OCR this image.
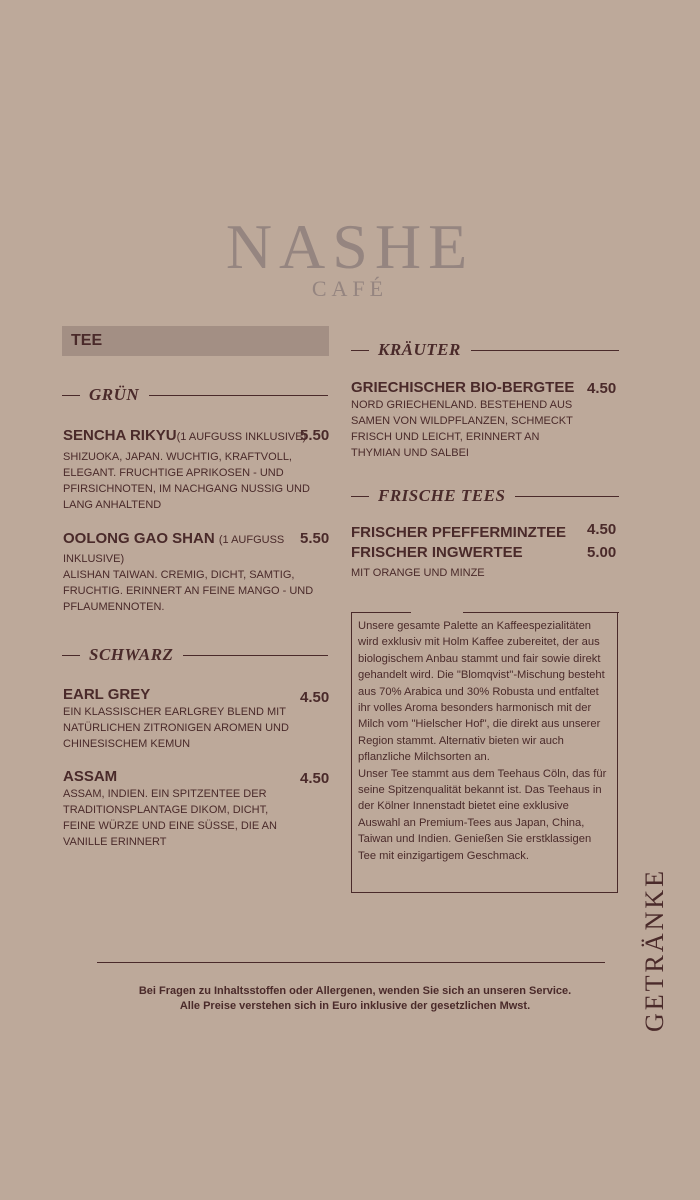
NASHE
CAFÉ
TEE
GRÜN
SENCHA RIKYU(1 AUFGUSS INKLUSIVE)
SHIZUOKA, JAPAN. WUCHTIG, KRAFTVOLL, ELEGANT. FRUCHTIGE APRIKOSEN - UND PFIRSICHNOTEN, IM NACHGANG NUSSIG UND LANG ANHALTEND
5.50
OOLONG GAO SHAN (1 AUFGUSS INKLUSIVE)
ALISHAN TAIWAN. CREMIG, DICHT, SAMTIG, FRUCHTIG. ERINNERT AN FEINE MANGO - UND PFLAUMENNOTEN.
5.50
SCHWARZ
EARL GREY
EIN KLASSISCHER EARLGREY BLEND MIT NATÜRLICHEN ZITRONIGEN AROMEN UND CHINESISCHEM KEMUN
4.50
ASSAM
ASSAM, INDIEN. EIN SPITZENTEE DER TRADITIONSPLANTAGE DIKOM, DICHT, FEINE WÜRZE UND EINE SÜSSE, DIE AN VANILLE ERINNERT
4.50
KRÄUTER
GRIECHISCHER BIO-BERGTEE
NORD GRIECHENLAND. BESTEHEND AUS SAMEN VON WILDPFLANZEN, SCHMECKT FRISCH UND LEICHT, ERINNERT AN THYMIAN UND SALBEI
4.50
FRISCHE TEES
FRISCHER PFEFFERMINZTEE 4.50
FRISCHER INGWERTEE	5.00
MIT ORANGE UND MINZE

Unsere gesamte Palette an Kaffeespezialitäten wird exklusiv mit Holm Kaffee zubereitet, der aus biologischem Anbau stammt und fair sowie direkt gehandelt wird. Die "Blomqvist"-Mischung besteht aus 70% Arabica und 30% Robusta und entfaltet ihr volles Aroma besonders harmonisch mit der Milch vom "Hielscher Hof", die direkt aus unserer Region stammt. Alternativ bieten wir auch pflanzliche Milchsorten an.

Unser Tee stammt aus dem Teehaus Cöln, das für seine Spitzenqualität bekannt ist. Das Teehaus in der Kölner Innenstadt bietet eine exklusive Auswahl an Premium-Tees aus Japan, China, Taiwan und Indien. Genießen Sie erstklassigen Tee mit einzigartigem Geschmack.

Bei Fragen zu Inhaltsstoffen oder Allergenen, wenden Sie sich an unseren Service.
Alle Preise verstehen sich in Euro inklusive der gesetzlichen Mwst.	GETRÄNKE
